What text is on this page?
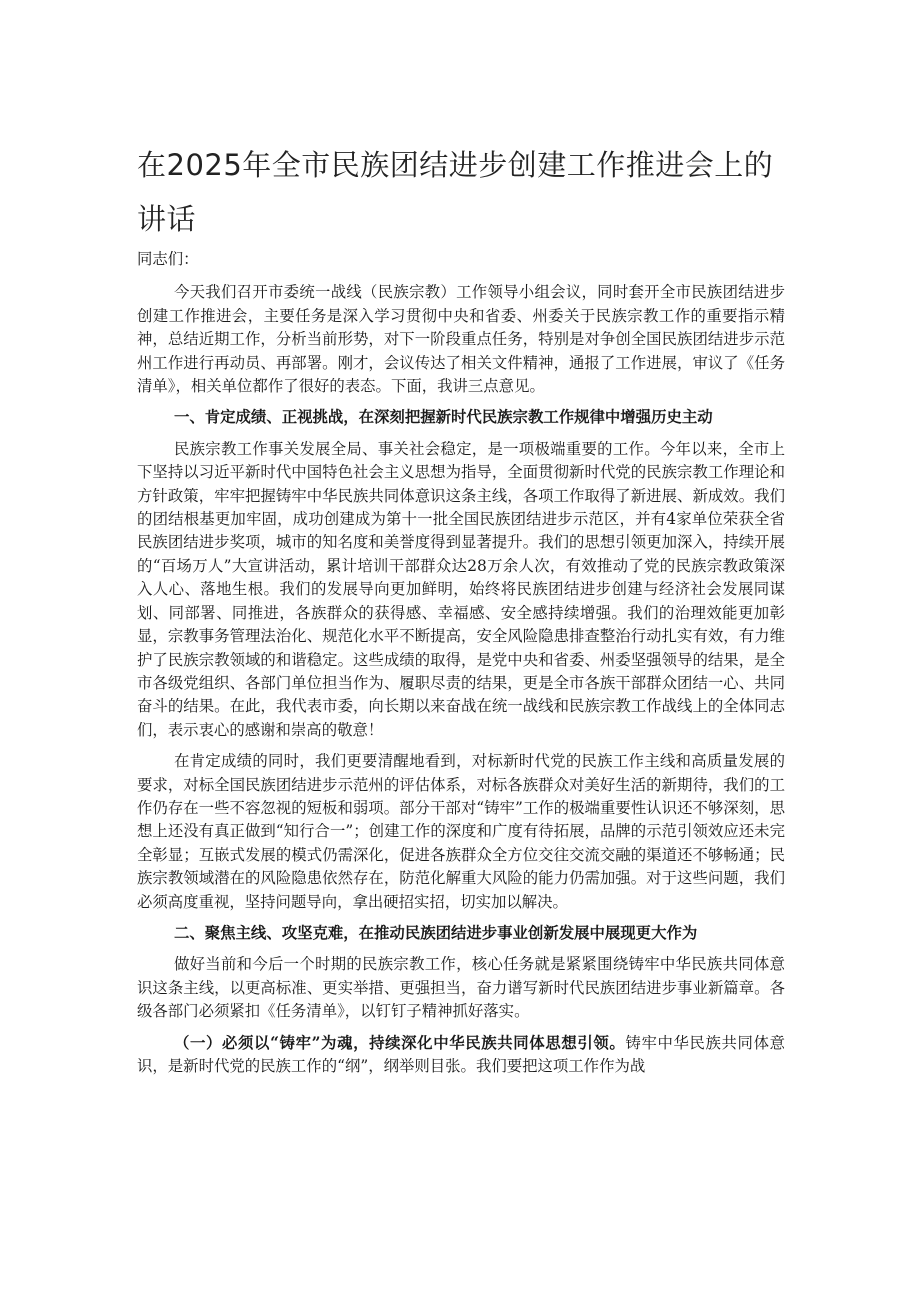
在2025年全市民族团结进步创建工作推进会上的讲话

同志们：

今天我们召开市委统一战线（民族宗教）工作领导小组会议，同时套开全市民族团结进步创建工作推进会，主要任务是深入学习贯彻中央和省委、州委关于民族宗教工作的重要指示精神，总结近期工作，分析当前形势，对下一阶段重点任务，特别是对争创全国民族团结进步示范州工作进行再动员、再部署。刚才，会议传达了相关文件精神，通报了工作进展，审议了《任务清单》，相关单位都作了很好的表态。下面，我讲三点意见。

一、肯定成绩、正视挑战，在深刻把握新时代民族宗教工作规律中增强历史主动

民族宗教工作事关发展全局、事关社会稳定，是一项极端重要的工作。今年以来，全市上下坚持以习近平新时代中国特色社会主义思想为指导，全面贯彻新时代党的民族宗教工作理论和方针政策，牢牢把握铸牢中华民族共同体意识这条主线，各项工作取得了新进展、新成效。我们的团结根基更加牢固，成功创建成为第十一批全国民族团结进步示范区，并有4家单位荣获全省民族团结进步奖项，城市的知名度和美誉度得到显著提升。我们的思想引领更加深入，持续开展的“百场万人”大宣讲活动，累计培训干部群众达28万余人次，有效推动了党的民族宗教政策深入人心、落地生根。我们的发展导向更加鲜明，始终将民族团结进步创建与经济社会发展同谋划、同部署、同推进，各族群众的获得感、幸福感、安全感持续增强。我们的治理效能更加彰显，宗教事务管理法治化、规范化水平不断提高，安全风险隐患排查整治行动扎实有效，有力维护了民族宗教领域的和谐稳定。这些成绩的取得，是党中央和省委、州委坚强领导的结果，是全市各级党组织、各部门单位担当作为、履职尽责的结果，更是全市各族干部群众团结一心、共同奋斗的结果。在此，我代表市委，向长期以来奋战在统一战线和民族宗教工作战线上的全体同志们，表示衷心的感谢和崇高的敬意！

在肯定成绩的同时，我们更要清醒地看到，对标新时代党的民族工作主线和高质量发展的要求，对标全国民族团结进步示范州的评估体系，对标各族群众对美好生活的新期待，我们的工作仍存在一些不容忽视的短板和弱项。部分干部对“铸牢”工作的极端重要性认识还不够深刻，思想上还没有真正做到“知行合一”；创建工作的深度和广度有待拓展，品牌的示范引领效应还未完全彰显；互嵌式发展的模式仍需深化，促进各族群众全方位交往交流交融的渠道还不够畅通；民族宗教领域潜在的风险隐患依然存在，防范化解重大风险的能力仍需加强。对于这些问题，我们必须高度重视，坚持问题导向，拿出硬招实招，切实加以解决。

二、聚焦主线、攻坚克难，在推动民族团结进步事业创新发展中展现更大作为

做好当前和今后一个时期的民族宗教工作，核心任务就是紧紧围绕铸牢中华民族共同体意识这条主线，以更高标准、更实举措、更强担当，奋力谱写新时代民族团结进步事业新篇章。各级各部门必须紧扣《任务清单》，以钉钉子精神抓好落实。

（一）必须以“铸牢”为魂，持续深化中华民族共同体思想引领。铸牢中华民族共同体意识，是新时代党的民族工作的“纲”，纲举则目张。我们要把这项工作作为战
